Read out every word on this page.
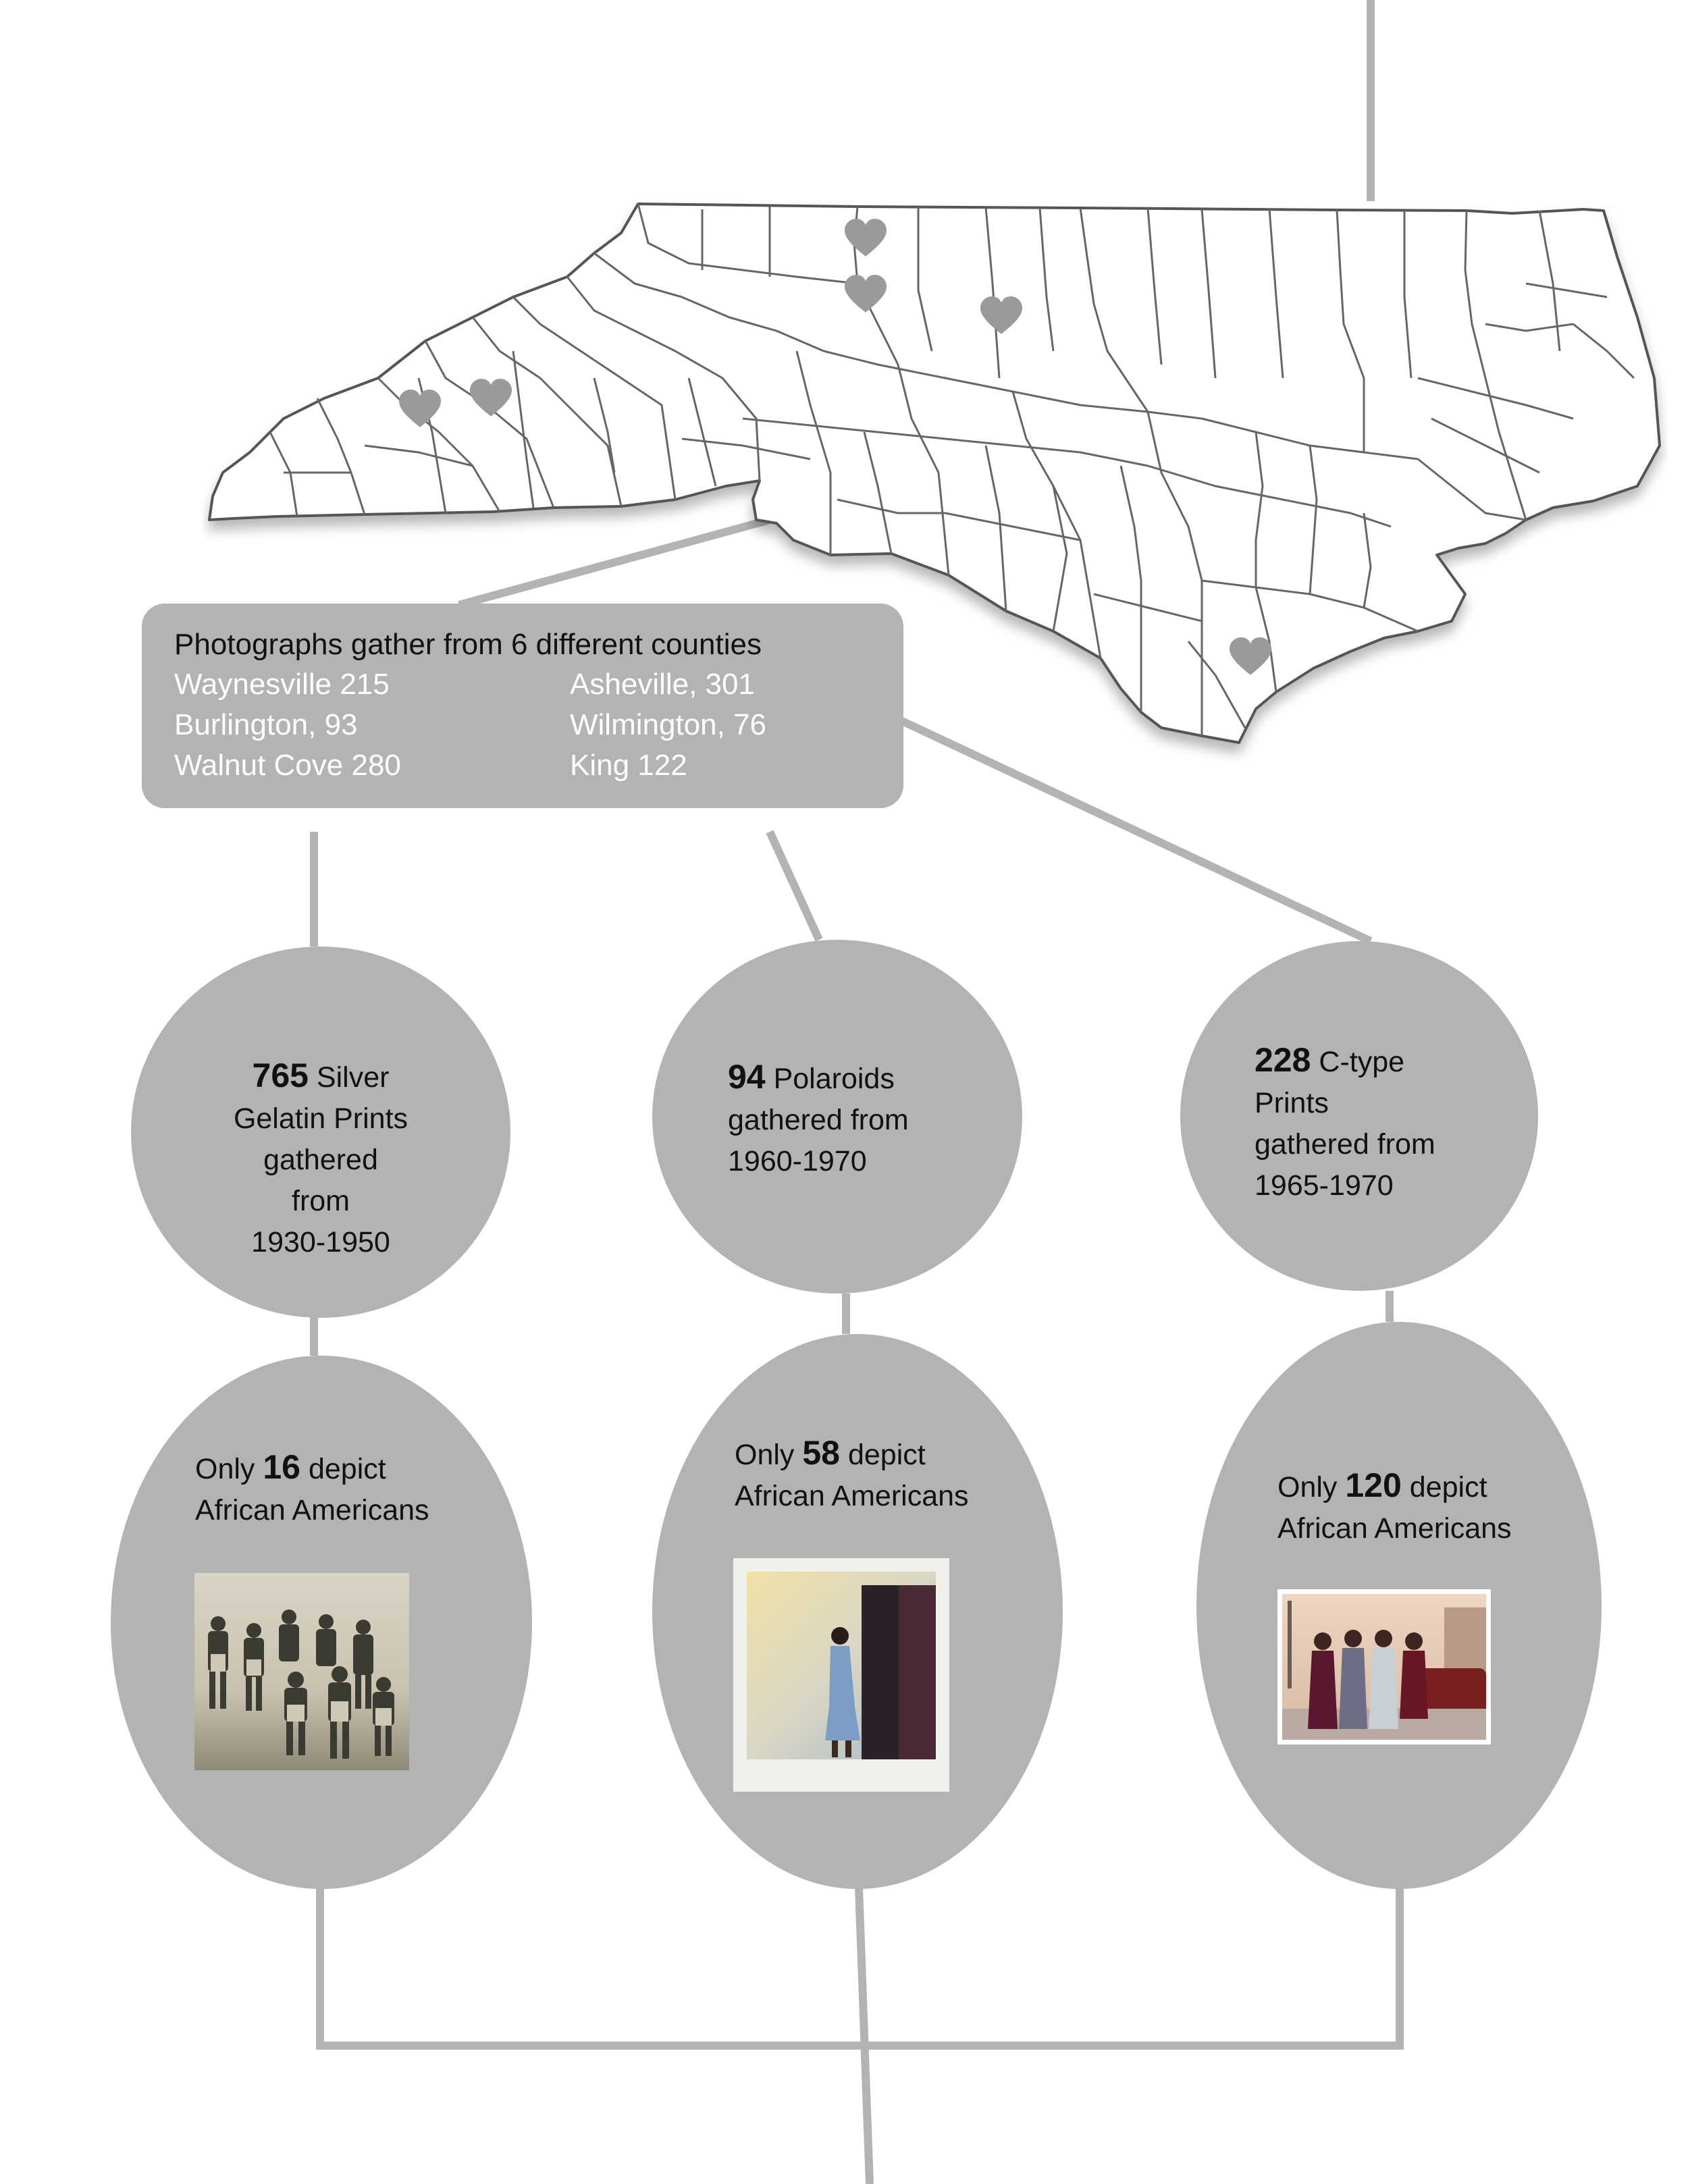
Photographs gather from 6 different counties
Waynesville 215	Asheville, 301
Burlington, 93	Wilmington, 76
Walnut Cove 280	King 122
765 Silver
Gelatin Prints
gathered
from
1930-1950
94 Polaroids
gathered from
1960-1970
228 C-type
Prints
gathered from
1965-1970
Only 16 depict
African Americans
Only 58 depict
African Americans	Only 120 depict
African Americans
